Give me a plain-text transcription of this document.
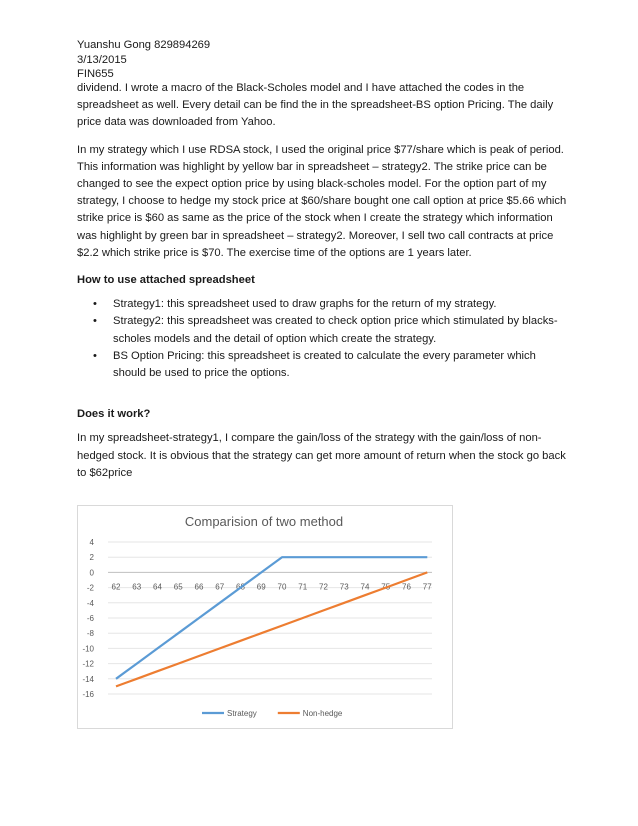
Yuanshu Gong 829894269
3/13/2015
FIN655

dividend. I wrote a macro of the Black-Scholes model and I have attached the codes in the spreadsheet as well. Every detail can be find the in the spreadsheet-BS option Pricing. The daily price data was downloaded from Yahoo.

In my strategy which I use RDSA stock, I used the original price $77/share which is peak of period. This information was highlight by yellow bar in spreadsheet – strategy2. The strike price can be changed to see the expect option price by using black-scholes model. For the option part of my strategy, I choose to hedge my stock price at $60/share bought one call option at price $5.66 which strike price is $60 as same as the price of the stock when I create the strategy which information was highlight by green bar in spreadsheet – strategy2. Moreover, I sell two call contracts at price $2.2 which strike price is $70. The exercise time of the options are 1 years later.

How to use attached spreadsheet
• Strategy1: this spreadsheet used to draw graphs for the return of my strategy.
• Strategy2: this spreadsheet was created to check option price which stimulated by blacks-scholes models and the detail of option which create the strategy.
• BS Option Pricing: this spreadsheet is created to calculate the every parameter which should be used to price the options.
Does it work?

In my spreadsheet-strategy1, I compare the gain/loss of the strategy with the gain/loss of non-hedged stock. It is obvious that the strategy can get more amount of return when the stock go back to $62price

Comparision of two method
4
2
0
-2
-4
-6
-8
-10
-12
-14
-16
62 63 64 65 66 67 68 69 70 71 72 73 74 75 76 77
Strategy	Non-hedge
